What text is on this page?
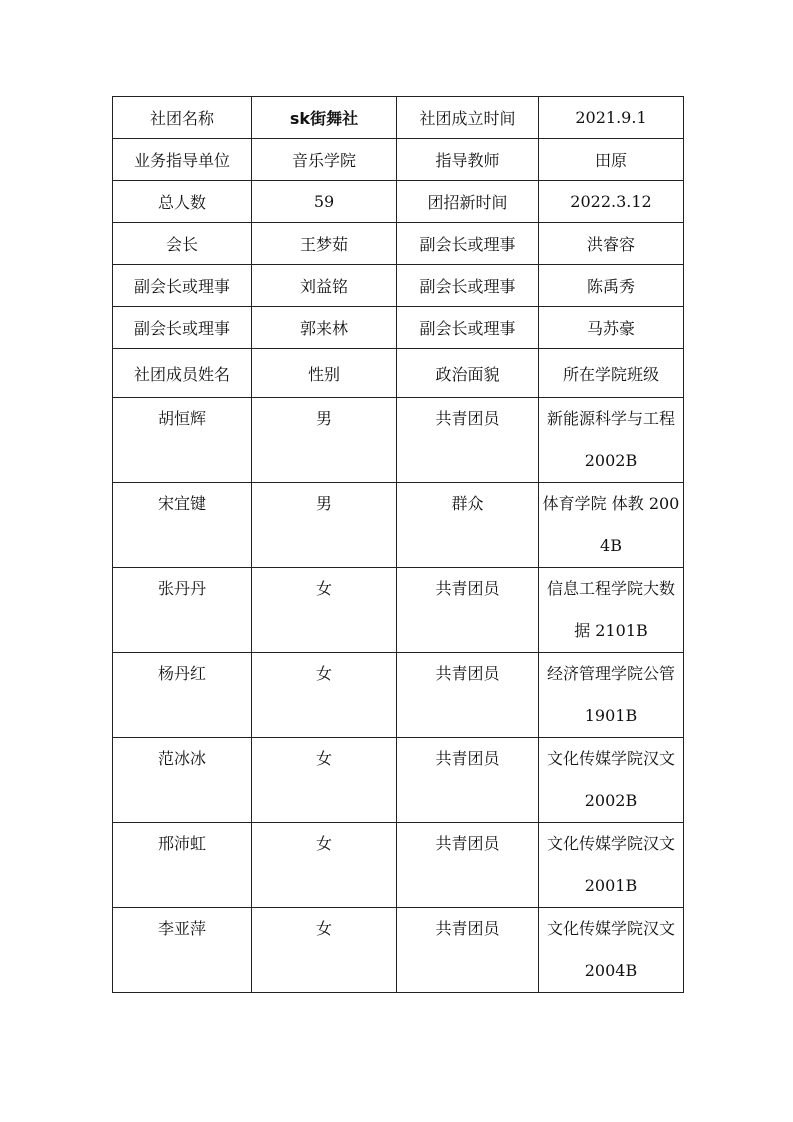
社团名称	sk街舞社	社团成立时间	2021.9.1
业务指导单位	音乐学院	指导教师	田原
总人数	59	团招新时间	2022.3.12
会长	王梦茹	副会长或理事	洪睿容
副会长或理事	刘益铭	副会长或理事	陈禹秀
副会长或理事	郭来林	副会长或理事	马苏豪
社团成员姓名	性别	政治面貌	所在学院班级
胡恒辉	男	共青团员	新能源科学与工程 2002B
宋宜键	男	群众	体育学院 体教 2004B
张丹丹	女	共青团员	信息工程学院大数据 2101B
杨丹红	女	共青团员	经济管理学院公管 1901B
范冰冰	女	共青团员	文化传媒学院汉文 2002B
邢沛虹	女	共青团员	文化传媒学院汉文 2001B
李亚萍	女	共青团员	文化传媒学院汉文 2004B
